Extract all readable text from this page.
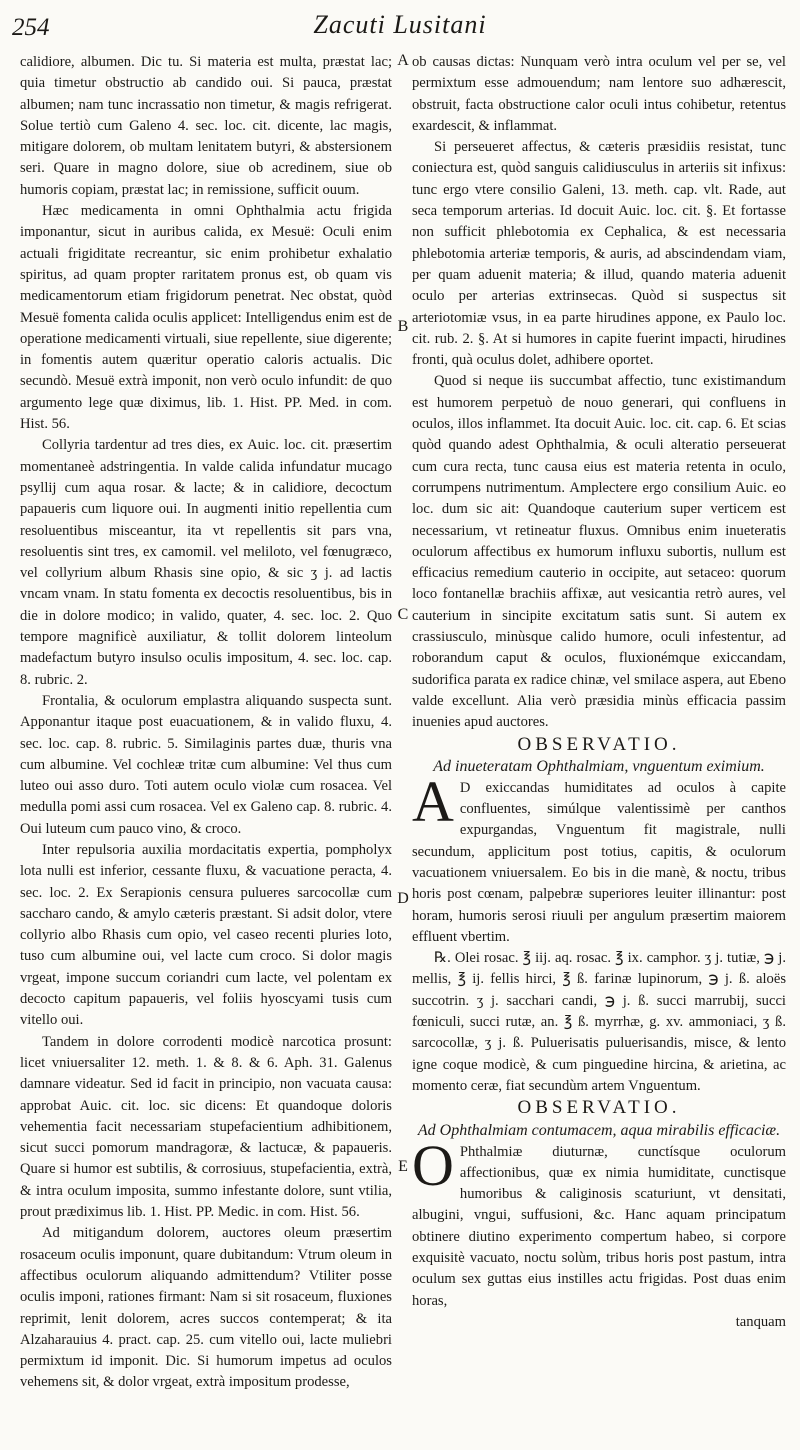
254	Zacuti Lusitani
A
B
C
D
E

calidiore, albumen. Dic tu. Si materia est multa, præstat lac; quia timetur obstructio ab candido oui. Si pauca, præstat albumen; nam tunc incrassatio non timetur, & magis refrigerat. Solue tertiò cum Galeno 4. sec. loc. cit. dicente, lac magis, mitigare dolorem, ob multam lenitatem butyri, & abstersionem seri. Quare in magno dolore, siue ob acredinem, siue ob humoris copiam, præstat lac; in remissione, sufficit ouum.

Hæc medicamenta in omni Ophthalmia actu frigida imponantur, sicut in auribus calida, ex Mesuë: Oculi enim actuali frigiditate recreantur, sic enim prohibetur exhalatio spiritus, ad quam propter raritatem pronus est, ob quam vis medicamentorum etiam frigidorum penetrat. Nec obstat, quòd Mesuë fomenta calida oculis applicet: Intelligendus enim est de operatione medicamenti virtuali, siue repellente, siue digerente; in fomentis autem quæritur operatio caloris actualis. Dic secundò. Mesuë extrà imponit, non verò oculo infundit: de quo argumento lege quæ diximus, lib. 1. Hist. PP. Med. in com. Hist. 56.

Collyria tardentur ad tres dies, ex Auic. loc. cit. præsertim momentaneè adstringentia. In valde calida infundatur mucago psyllij cum aqua rosar. & lacte; & in calidiore, decoctum papaueris cum liquore oui. In augmenti initio repellentia cum resoluentibus misceantur, ita vt repellentis sit pars vna, resoluentis sint tres, ex camomil. vel meliloto, vel fœnugræco, vel collyrium album Rhasis sine opio, & sic ʒ j. ad lactis vncam vnam. In statu fomenta ex decoctis resoluentibus, bis in die in dolore modico; in valido, quater, 4. sec. loc. 2. Quo tempore magnificè auxiliatur, & tollit dolorem linteolum madefactum butyro insulso oculis impositum, 4. sec. loc. cap. 8. rubric. 2.

Frontalia, & oculorum emplastra aliquando suspecta sunt. Apponantur itaque post euacuationem, & in valido fluxu, 4. sec. loc. cap. 8. rubric. 5. Similaginis partes duæ, thuris vna cum albumine. Vel cochleæ tritæ cum albumine: Vel thus cum luteo oui asso duro. Toti autem oculo violæ cum rosacea. Vel medulla pomi assi cum rosacea. Vel ex Galeno cap. 8. rubric. 4. Oui luteum cum pauco vino, & croco.

Inter repulsoria auxilia mordacitatis expertia, pompholyx lota nulli est inferior, cessante fluxu, & vacuatione peracta, 4. sec. loc. 2. Ex Serapionis censura pulueres sarcocollæ cum saccharo cando, & amylo cæteris præstant. Si adsit dolor, vtere collyrio albo Rhasis cum opio, vel caseo recenti pluries loto, tuso cum albumine oui, vel lacte cum croco. Si dolor magis vrgeat, impone succum coriandri cum lacte, vel polentam ex decocto capitum papaueris, vel foliis hyoscyami tusis cum vitello oui.

Tandem in dolore corrodenti modicè narcotica prosunt: licet vniuersaliter 12. meth. 1. & 8. & 6. Aph. 31. Galenus damnare videatur. Sed id facit in principio, non vacuata causa: approbat Auic. cit. loc. sic dicens: Et quandoque doloris vehementia facit necessariam stupefacientium adhibitionem, sicut succi pomorum mandragoræ, & lactucæ, & papaueris. Quare si humor est subtilis, & corrosiuus, stupefacientia, extrà, & intra oculum imposita, summo infestante dolore, sunt vtilia, prout prædiximus lib. 1. Hist. PP. Medic. in com. Hist. 56.

Ad mitigandum dolorem, auctores oleum præsertim rosaceum oculis imponunt, quare dubitandum: Vtrum oleum in affectibus oculorum aliquando admittendum? Vtiliter posse oculis imponi, rationes firmant: Nam si sit rosaceum, fluxiones reprimit, lenit dolorem, acres succos contemperat; & ita Alzaharauius 4. pract. cap. 25. cum vitello oui, lacte muliebri permixtum id imponit. Dic. Si humorum impetus ad oculos vehemens sit, & dolor vrgeat, extrà impositum prodesse,

ob causas dictas: Nunquam verò intra oculum vel per se, vel permixtum esse admouendum; nam lentore suo adhærescit, obstruit, facta obstructione calor oculi intus cohibetur, retentus exardescit, & inflammat.

Si perseueret affectus, & cæteris præsidiis resistat, tunc coniectura est, quòd sanguis calidiusculus in arteriis sit infixus: tunc ergo vtere consilio Galeni, 13. meth. cap. vlt. Rade, aut seca temporum arterias. Id docuit Auic. loc. cit. §. Et fortasse non sufficit phlebotomia ex Cephalica, & est necessaria phlebotomia arteriæ temporis, & auris, ad abscindendam viam, per quam aduenit materia; & illud, quando materia aduenit oculo per arterias extrinsecas. Quòd si suspectus sit arteriotomiæ vsus, in ea parte hirudines appone, ex Paulo loc. cit. rub. 2. §. At si humores in capite fuerint impacti, hirudines fronti, quà oculus dolet, adhibere oportet.

Quod si neque iis succumbat affectio, tunc existimandum est humorem perpetuò de nouo generari, qui confluens in oculos, illos inflammet. Ita docuit Auic. loc. cit. cap. 6. Et scias quòd quando adest Ophthalmia, & oculi alteratio perseuerat cum cura recta, tunc causa eius est materia retenta in oculo, corrumpens nutrimentum. Amplectere ergo consilium Auic. eo loc. dum sic ait: Quandoque cauterium super verticem est necessarium, vt retineatur fluxus. Omnibus enim inueteratis oculorum affectibus ex humorum influxu subortis, nullum est efficacius remedium cauterio in occipite, aut setaceo: quorum loco fontanellæ brachiis affixæ, aut vesicantia retrò aures, vel cauterium in sincipite excitatum satis sunt. Si autem ex crassiusculo, minùsque calido humore, oculi infestentur, ad roborandum caput & oculos, fluxionémque exiccandam, sudorifica parata ex radice chinæ, vel smilace aspera, aut Ebeno valde excellunt. Alia verò præsidia minùs efficacia passim inuenies apud auctores.

OBSERVATIO.

Ad inueteratam Ophthalmiam, vnguentum eximium.

A D exiccandas humiditates ad oculos à capite confluentes, simúlque valentissimè per canthos expurgandas, Vnguentum fit magistrale, nulli secundum, applicitum post totius, capitis, & oculorum vacuationem vniuersalem. Eo bis in die manè, & noctu, tribus horis post cœnam, palpebræ superiores leuiter illinantur: post horam, humoris serosi riuuli per angulum præsertim maiorem effluent vbertim.

℞. Olei rosac. ℥ iij. aq. rosac. ℥ ix. camphor. ʒ j. tutiæ, ℈ j. mellis, ℥ ij. fellis hirci, ℥ ß. farinæ lupinorum, ℈ j. ß. aloës succotrin. ʒ j. sacchari candi, ℈ j. ß. succi marrubij, succi fœniculi, succi rutæ, an. ℥ ß. myrrhæ, g. xv. ammoniaci, ʒ ß. sarcocollæ, ʒ j. ß. Puluerisatis puluerisandis, misce, & lento igne coque modicè, & cum pinguedine hircina, & arietina, ac momento ceræ, fiat secundùm artem Vnguentum.

OBSERVATIO.

Ad Ophthalmiam contumacem, aqua mirabilis efficaciæ.

O Phthalmiæ diuturnæ, cunctísque oculorum affectionibus, quæ ex nimia humiditate, cunctisque humoribus & caliginosis scaturiunt, vt densitati, albugini, vngui, suffusioni, &c. Hanc aquam principatum obtinere diutino experimento compertum habeo, si corpore exquisitè vacuato, noctu solùm, tribus horis post pastum, intra oculum sex guttas eius instilles actu frigidas. Post duas enim horas,

tanquam
